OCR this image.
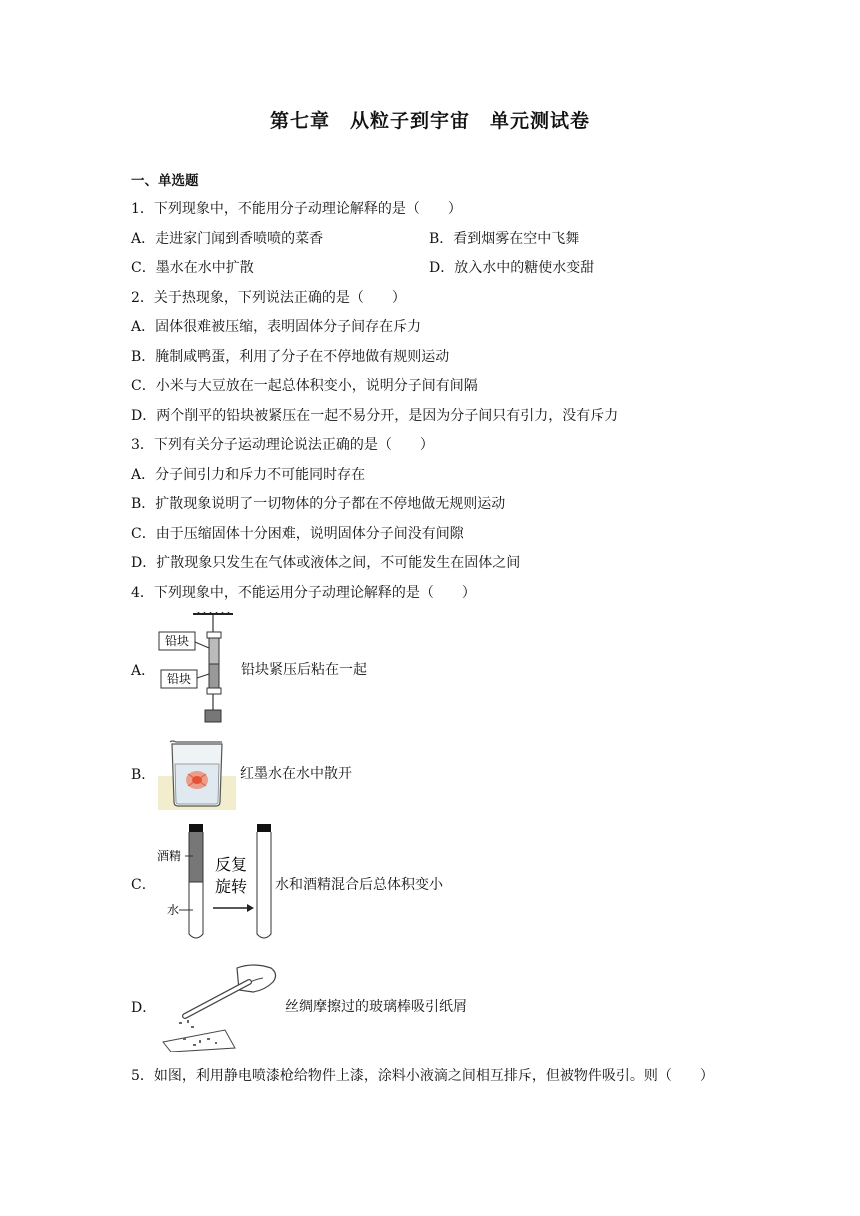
第七章　从粒子到宇宙　单元测试卷
一、单选题
1．下列现象中，不能用分子动理论解释的是（　　）
A．走进家门闻到香喷喷的菜香	B．看到烟雾在空中飞舞
C．墨水在水中扩散	D．放入水中的糖使水变甜
2．关于热现象，下列说法正确的是（　　）
A．固体很难被压缩，表明固体分子间存在斥力
B．腌制咸鸭蛋，利用了分子在不停地做有规则运动
C．小米与大豆放在一起总体积变小，说明分子间有间隔
D．两个削平的铅块被紧压在一起不易分开，是因为分子间只有引力，没有斥力
3．下列有关分子运动理论说法正确的是（　　）
A．分子间引力和斥力不可能同时存在
B．扩散现象说明了一切物体的分子都在不停地做无规则运动
C．由于压缩固体十分困难，说明固体分子间没有间隙
D．扩散现象只发生在气体或液体之间，不可能发生在固体之间
4．下列现象中，不能运用分子动理论解释的是（　　）
A．
铅块
铅块
铅块紧压后粘在一起
B．	红墨水在水中散开
C．
酒精
水
反复
旋转 水和酒精混合后总体积变小
D．	丝绸摩擦过的玻璃棒吸引纸屑
5．如图，利用静电喷漆枪给物件上漆，涂料小液滴之间相互排斥，但被物件吸引。则（　　）
